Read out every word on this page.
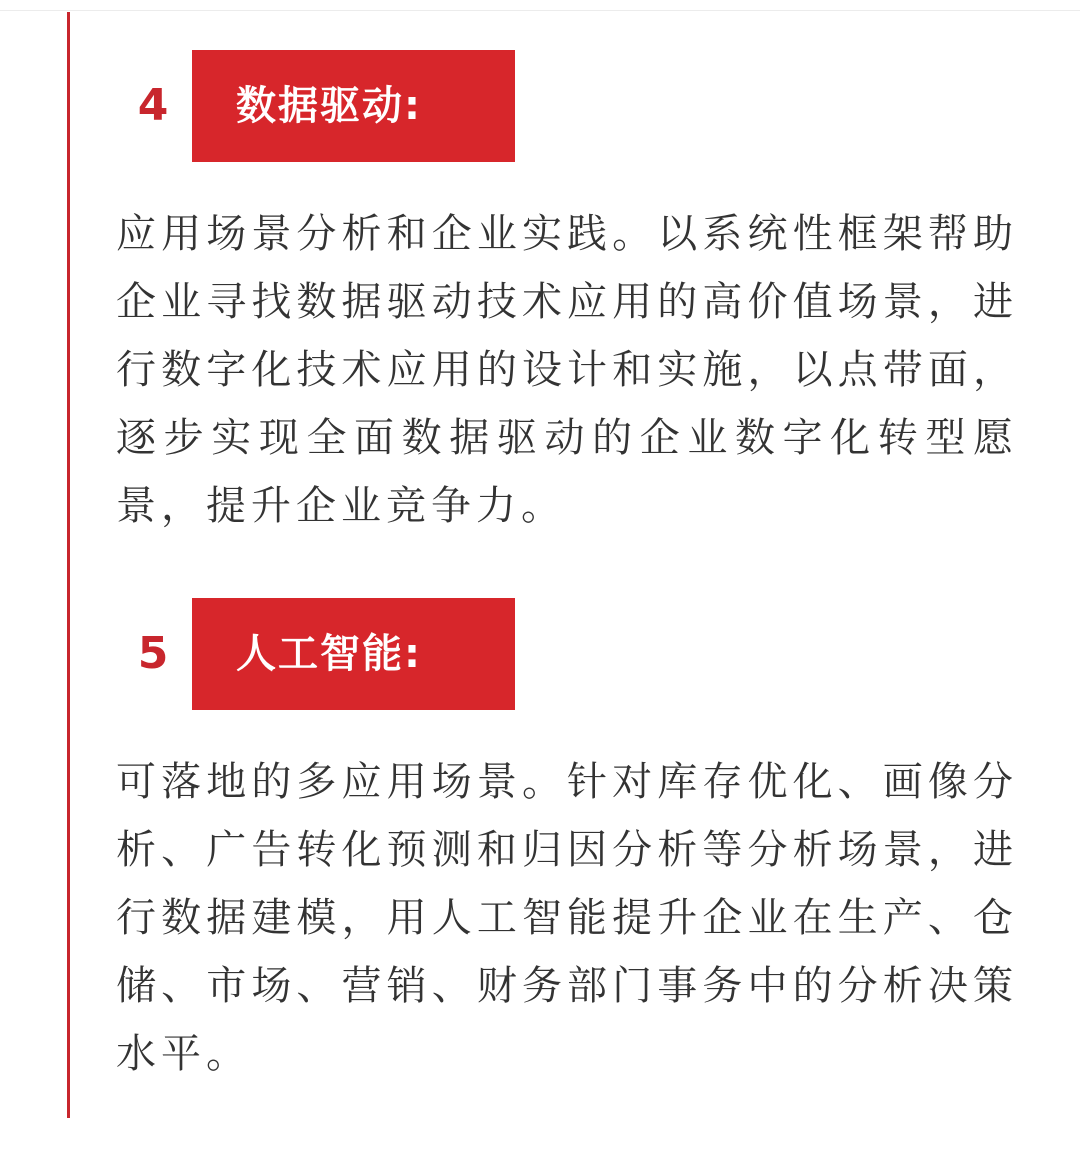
4	数据驱动:

应用场景分析和企业实践。以系统性框架帮助企业寻找数据驱动技术应用的高价值场景，进行数字化技术应用的设计和实施，以点带面，逐步实现全面数据驱动的企业数字化转型愿景，提升企业竞争力。

5	人工智能:

可落地的多应用场景。针对库存优化、画像分析、广告转化预测和归因分析等分析场景，进行数据建模，用人工智能提升企业在生产、仓储、市场、营销、财务部门事务中的分析决策水平。
